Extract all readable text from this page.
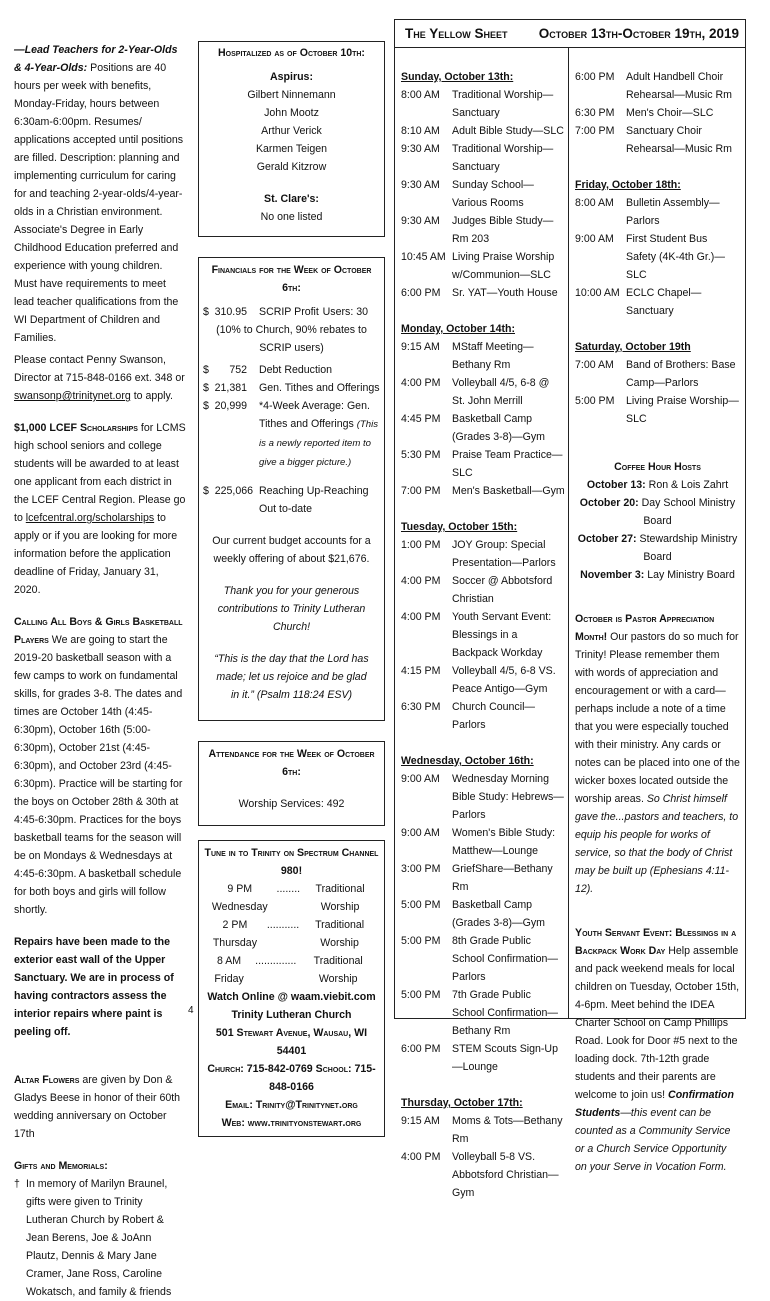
—Lead Teachers for 2-Year-Olds & 4-Year-Olds: Positions are 40 hours per week with benefits, Monday-Friday, hours between 6:30am-6:00pm. Resumes/ applications accepted until positions are filled. Description: planning and implementing curriculum for caring for and teaching 2-year-olds/4-year-olds in a Christian environment. Associate's Degree in Early Childhood Education preferred and experience with young children. Must have requirements to meet lead teacher qualifications from the WI Department of Children and Families.

Please contact Penny Swanson, Director at 715-848-0166 ext. 348 or swansonp@trinitynet.org to apply.

$1,000 LCEF Scholarships for LCMS high school seniors and college students will be awarded to at least one applicant from each district in the LCEF Central Region. Please go to lcefcentral.org/scholarships to apply or if you are looking for more information before the application deadline of Friday, January 31, 2020.

Calling All Boys & Girls Basketball Players We are going to start the 2019-20 basketball season with a few camps to work on fundamental skills, for grades 3-8. The dates and times are October 14th (4:45-6:30pm), October 16th (5:00-6:30pm), October 21st (4:45-6:30pm), and October 23rd (4:45-6:30pm). Practice will be starting for the boys on October 28th & 30th at 4:45-6:30pm. Practices for the boys basketball teams for the season will be on Mondays & Wednesdays at 4:45-6:30pm. A basketball schedule for both boys and girls will follow shortly.

Repairs have been made to the exterior east wall of the Upper Sanctuary. We are in process of having contractors assess the interior repairs where paint is peeling off.

Altar Flowers are given by Don & Gladys Beese in honor of their 60th wedding anniversary on October 17th

Gifts and Memorials:

† In memory of Marilyn Braunel, gifts were given to Trinity Lutheran Church by Robert & Jean Berens, Joe & JoAnn Plautz, Dennis & Mary Jane Cramer, Jane Ross, Caroline Wokatsch, and family & friends
4
Hospitalized as of October 10th:
Aspirus:
Gilbert Ninnemann
John Mootz
Arthur Verick
Karmen Teigen
Gerald Kitzrow
St. Clare's:
No one listed
Financials for the Week of October 6th:
$ 310.95	SCRIP Profit Users: 30
(10% to Church, 90% rebates to SCRIP users)
$	752	Debt Reduction
$ 21,381	Gen. Tithes and Offerings
$ 20,999	*4-Week Average: Gen. Tithes and Offerings (This is a newly reported item to give a bigger picture.)
$ 225,066 Reaching Up-Reaching Out to-date
Our current budget accounts for a weekly offering of about $21,676.
Thank you for your generous contributions to Trinity Lutheran Church!
“This is the day that the Lord has made; let us rejoice and be glad in it.” (Psalm 118:24 ESV)
Attendance for the Week of October 6th:
Worship Services: 492
Tune in to Trinity on Spectrum Channel 980!
9 PM Wednesday
........	Traditional Worship
2 PM Thursday
...........	Traditional Worship
8 AM Friday
..............	Traditional Worship
Watch Online @ waam.viebit.com
Trinity Lutheran Church
501 Stewart Avenue, Wausau, WI 54401
Church: 715-842-0769 School: 715-848-0166
Email: Trinity@Trinitynet.org
Web: www.trinityonstewart.org
The Yellow Sheet October 13th-October 19th, 2019
Sunday, October 13th:
8:00 AM	Traditional Worship—Sanctuary
8:10 AM	Adult Bible Study—SLC
9:30 AM	Traditional Worship—Sanctuary
9:30 AM	Sunday School—Various Rooms
9:30 AM	Judges Bible Study—Rm 203
10:45 AM Living Praise Worship w/Communion—SLC
6:00 PM	Sr. YAT—Youth House
Monday, October 14th:
9:15 AM	MStaff Meeting—Bethany Rm
4:00 PM	Volleyball 4/5, 6-8 @ St. John Merrill
4:45 PM	Basketball Camp (Grades 3-8)—Gym
5:30 PM	Praise Team Practice—SLC
7:00 PM	Men's Basketball—Gym
Tuesday, October 15th:
1:00 PM	JOY Group: Special Presentation—Parlors
4:00 PM	Soccer @ Abbotsford Christian
4:00 PM	Youth Servant Event: Blessings in a Backpack Workday
4:15 PM	Volleyball 4/5, 6-8 VS. Peace Antigo—Gym
6:30 PM	Church Council—Parlors
Wednesday, October 16th:
9:00 AM	Wednesday Morning Bible Study: Hebrews—Parlors
9:00 AM	Women's Bible Study: Matthew—Lounge
3:00 PM	GriefShare—Bethany Rm
5:00 PM	Basketball Camp (Grades 3-8)—Gym
5:00 PM	8th Grade Public School Confirmation—Parlors
5:00 PM	7th Grade Public School Confirmation—Bethany Rm
6:00 PM	STEM Scouts Sign-Up—Lounge
Thursday, October 17th:
9:15 AM	Moms & Tots—Bethany Rm
4:00 PM	Volleyball 5-8 VS. Abbotsford Christian—Gym
6:00 PM	Adult Handbell Choir Rehearsal—Music Rm
6:30 PM	Men's Choir—SLC
7:00 PM	Sanctuary Choir Rehearsal—Music Rm
Friday, October 18th:
8:00 AM	Bulletin Assembly—Parlors
9:00 AM	First Student Bus Safety (4K-4th Gr.)—SLC
10:00 AM ECLC Chapel—Sanctuary
Saturday, October 19th
7:00 AM	Band of Brothers: Base Camp—Parlors
5:00 PM	Living Praise Worship—SLC
Coffee Hour Hosts
October 13: Ron & Lois Zahrt
October 20: Day School Ministry Board
October 27: Stewardship Ministry Board
November 3: Lay Ministry Board

October is Pastor Appreciation Month! Our pastors do so much for Trinity! Please remember them with words of appreciation and encouragement or with a card—perhaps include a note of a time that you were especially touched with their ministry. Any cards or notes can be placed into one of the wicker boxes located outside the worship areas. So Christ himself gave the...pastors and teachers, to equip his people for works of service, so that the body of Christ may be built up (Ephesians 4:11-12).

Youth Servant Event: Blessings in a Backpack Work Day Help assemble and pack weekend meals for local children on Tuesday, October 15th, 4-6pm. Meet behind the IDEA Charter School on Camp Phillips Road. Look for Door #5 next to the loading dock. 7th-12th grade students and their parents are welcome to join us! Confirmation Students—this event can be counted as a Community Service or a Church Service Opportunity on your Serve in Vocation Form.
